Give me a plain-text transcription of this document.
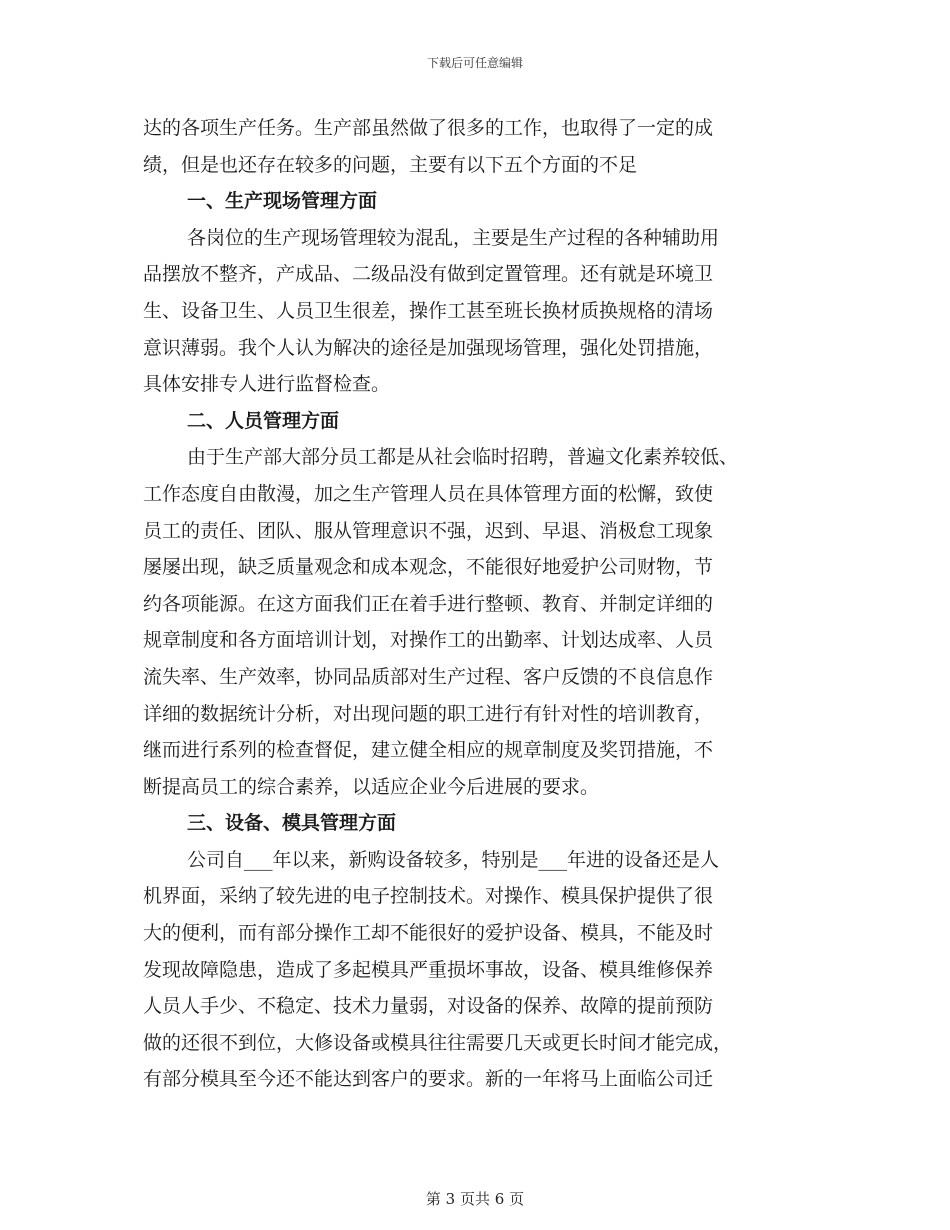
下载后可任意编辑
达的各项生产任务。生产部虽然做了很多的工作，也取得了一定的成
绩，但是也还存在较多的问题，主要有以下五个方面的不足
一、生产现场管理方面
各岗位的生产现场管理较为混乱，主要是生产过程的各种辅助用
品摆放不整齐，产成品、二级品没有做到定置管理。还有就是环境卫
生、设备卫生、人员卫生很差，操作工甚至班长换材质换规格的清场
意识薄弱。我个人认为解决的途径是加强现场管理，强化处罚措施，
具体安排专人进行监督检查。
二、人员管理方面
由于生产部大部分员工都是从社会临时招聘，普遍文化素养较低、
工作态度自由散漫，加之生产管理人员在具体管理方面的松懈，致使
员工的责任、团队、服从管理意识不强，迟到、早退、消极怠工现象
屡屡出现，缺乏质量观念和成本观念，不能很好地爱护公司财物，节
约各项能源。在这方面我们正在着手进行整顿、教育、并制定详细的
规章制度和各方面培训计划，对操作工的出勤率、计划达成率、人员
流失率、生产效率，协同品质部对生产过程、客户反馈的不良信息作
详细的数据统计分析，对出现问题的职工进行有针对性的培训教育，
继而进行系列的检查督促，建立健全相应的规章制度及奖罚措施，不
断提高员工的综合素养，以适应企业今后进展的要求。
三、设备、模具管理方面
公司自___年以来，新购设备较多，特别是___年进的设备还是人
机界面，采纳了较先进的电子控制技术。对操作、模具保护提供了很
大的便利，而有部分操作工却不能很好的爱护设备、模具，不能及时
发现故障隐患，造成了多起模具严重损坏事故，设备、模具维修保养
人员人手少、不稳定、技术力量弱，对设备的保养、故障的提前预防
做的还很不到位，大修设备或模具往往需要几天或更长时间才能完成，
有部分模具至今还不能达到客户的要求。新的一年将马上面临公司迁
第 3 页共 6 页
